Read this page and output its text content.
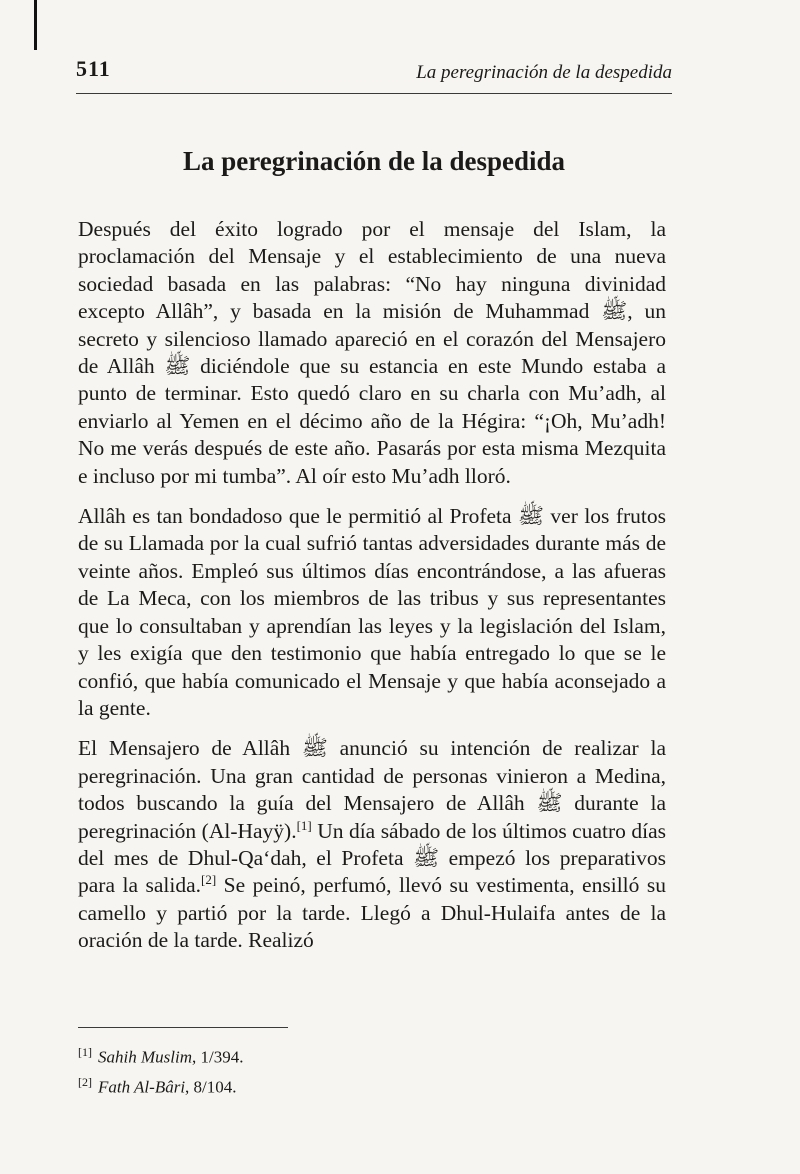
511	La peregrinación de la despedida
La peregrinación de la despedida

Después del éxito logrado por el mensaje del Islam, la proclamación del Mensaje y el establecimiento de una nueva sociedad basada en las palabras: “No hay ninguna divinidad excepto Allâh”, y basada en la misión de Muhammad ﷺ, un secreto y silencioso llamado apareció en el corazón del Mensajero de Allâh ﷺ diciéndole que su estancia en este Mundo estaba a punto de terminar. Esto quedó claro en su charla con Mu’adh, al enviarlo al Yemen en el décimo año de la Hégira: “¡Oh, Mu’adh! No me verás después de este año. Pasarás por esta misma Mezquita e incluso por mi tumba”. Al oír esto Mu’adh lloró.

Allâh es tan bondadoso que le permitió al Profeta ﷺ ver los frutos de su Llamada por la cual sufrió tantas adversidades durante más de veinte años. Empleó sus últimos días encontrándose, a las afueras de La Meca, con los miembros de las tribus y sus representantes que lo consultaban y aprendían las leyes y la legislación del Islam, y les exigía que den testimonio que había entregado lo que se le confió, que había comunicado el Mensaje y que había aconsejado a la gente.

El Mensajero de Allâh ﷺ anunció su intención de realizar la peregrinación. Una gran cantidad de personas vinieron a Medina, todos buscando la guía del Mensajero de Allâh ﷺ durante la peregrinación (Al-Hayÿ).[1] Un día sábado de los últimos cuatro días del mes de Dhul-Qa‘dah, el Profeta ﷺ empezó los preparativos para la salida.[2] Se peinó, perfumó, llevó su vestimenta, ensilló su camello y partió por la tarde. Llegó a Dhul-Hulaifa antes de la oración de la tarde. Realizó

[1] Sahih Muslim, 1/394.
[2] Fath Al-Bâri, 8/104.
